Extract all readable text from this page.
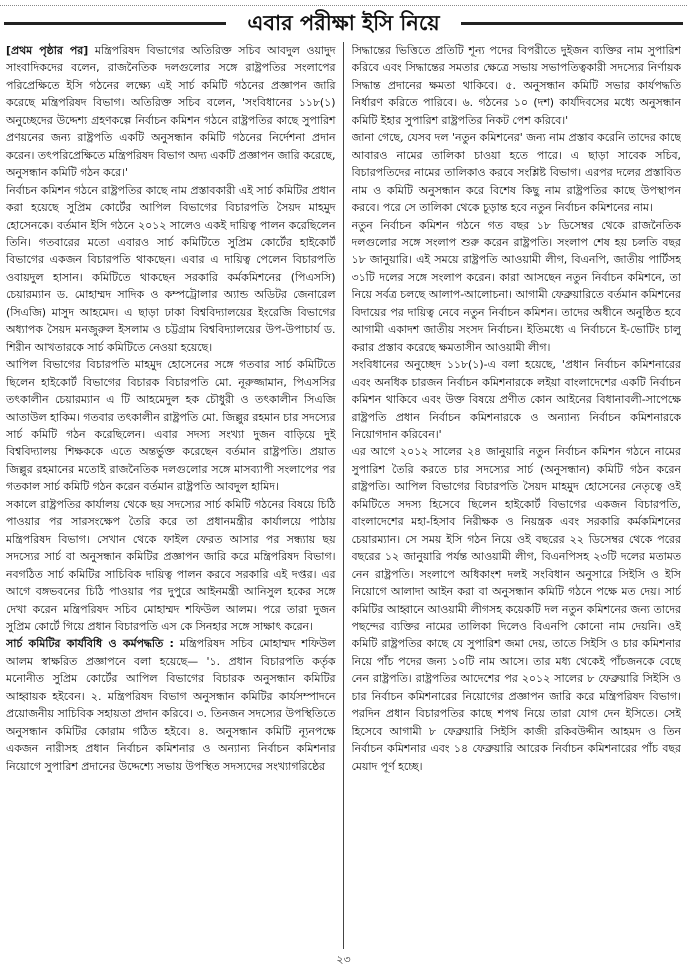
এবার পরীক্ষা ইসি নিয়ে

[প্রথম পৃষ্ঠার পর] মন্ত্রিপরিষদ বিভাগের অতিরিক্ত সচিব আবদুল ওয়াদুদ সাংবাদিকদের বলেন, রাজনৈতিক দলগুলোর সঙ্গে রাষ্ট্রপতির সংলাপের পরিপ্রেক্ষিতে ইসি গঠনের লক্ষ্যে এই সার্চ কমিটি গঠনের প্রজ্ঞাপন জারি করেছে মন্ত্রিপরিষদ বিভাগ। অতিরিক্ত সচিব বলেন, 'সংবিধানের ১১৮(১) অনুচ্ছেদের উদ্দেশ্য গ্রহণকল্পে নির্বাচন কমিশন গঠনে রাষ্ট্রপতির কাছে সুপারিশ প্রণয়নের জন্য রাষ্ট্রপতি একটি অনুসন্ধান কমিটি গঠনের নির্দেশনা প্রদান করেন। তৎপরিপ্রেক্ষিতে মন্ত্রিপরিষদ বিভাগ অদ্য একটি প্রজ্ঞাপন জারি করেছে, অনুসন্ধান কমিটি গঠন করে।'

নির্বাচন কমিশন গঠনে রাষ্ট্রপতির কাছে নাম প্রস্তাবকারী এই সার্চ কমিটির প্রধান করা হয়েছে সুপ্রিম কোর্টের আপিল বিভাগের বিচারপতি সৈয়দ মাহমুদ হোসেনকে। বর্তমান ইসি গঠনে ২০১২ সালেও একই দায়িত্ব পালন করেছিলেন তিনি। গতবারের মতো এবারও সার্চ কমিটিতে সুপ্রিম কোর্টের হাইকোর্ট বিভাগের একজন বিচারপতি থাকছেন। এবার এ দায়িত্ব পেলেন বিচারপতি ওবায়দুল হাসান। কমিটিতে থাকছেন সরকারি কর্মকমিশনের (পিএসসি) চেয়ারম্যান ড. মোহাম্মদ সাদিক ও কম্পট্রোলার অ্যান্ড অডিটর জেনারেল (সিএজি) মাসুদ আহমেদ। এ ছাড়া ঢাকা বিশ্ববিদ্যালয়ের ইংরেজি বিভাগের অধ্যাপক সৈয়দ মনজুরুল ইসলাম ও চট্টগ্রাম বিশ্ববিদ্যালয়ের উপ-উপাচার্য ড. শিরীন আখতারকে সার্চ কমিটিতে নেওয়া হয়েছে।

আপিল বিভাগের বিচারপতি মাহমুদ হোসেনের সঙ্গে গতবার সার্চ কমিটিতে ছিলেন হাইকোর্ট বিভাগের বিচারক বিচারপতি মো. নূরুজ্জামান, পিএসসির তৎকালীন চেয়ারম্যান এ টি আহমেদুল হক চৌধুরী ও তৎকালীন সিএজি আতাউল হাকিম। গতবার তৎকালীন রাষ্ট্রপতি মো. জিল্লুর রহমান চার সদস্যের সার্চ কমিটি গঠন করেছিলেন। এবার সদস্য সংখ্যা দুজন বাড়িয়ে দুই বিশ্ববিদ্যালয় শিক্ষককে এতে অন্তর্ভুক্ত করেছেন বর্তমান রাষ্ট্রপতি। প্রয়াত জিল্লুর রহমানের মতোই রাজনৈতিক দলগুলোর সঙ্গে মাসব্যাপী সংলাপের পর গতকাল সার্চ কমিটি গঠন করেন বর্তমান রাষ্ট্রপতি আবদুল হামিদ।

সকালে রাষ্ট্রপতির কার্যালয় থেকে ছয় সদস্যের সার্চ কমিটি গঠনের বিষয়ে চিঠি পাওয়ার পর সারসংক্ষেপ তৈরি করে তা প্রধানমন্ত্রীর কার্যালয়ে পাঠায় মন্ত্রিপরিষদ বিভাগ। সেখান থেকে ফাইল ফেরত আসার পর সন্ধ্যায় ছয় সদস্যের সার্চ বা অনুসন্ধান কমিটির প্রজ্ঞাপন জারি করে মন্ত্রিপরিষদ বিভাগ। নবগঠিত সার্চ কমিটির সাচিবিক দায়িত্ব পালন করবে সরকারি এই দপ্তর। এর আগে বঙ্গভবনের চিঠি পাওয়ার পর দুপুরে আইনমন্ত্রী আনিসুল হকের সঙ্গে দেখা করেন মন্ত্রিপরিষদ সচিব মোহাম্মদ শফিউল আলম। পরে তারা দুজন সুপ্রিম কোর্টে গিয়ে প্রধান বিচারপতি এস কে সিনহার সঙ্গে সাক্ষাৎ করেন।

সার্চ কমিটির কার্যবিধি ও কর্মপদ্ধতি : মন্ত্রিপরিষদ সচিব মোহাম্মদ শফিউল আলম স্বাক্ষরিত প্রজ্ঞাপনে বলা হয়েছে— '১. প্রধান বিচারপতি কর্তৃক মনোনীত সুপ্রিম কোর্টের আপিল বিভাগের বিচারক অনুসন্ধান কমিটির আহ্বায়ক হইবেন। ২. মন্ত্রিপরিষদ বিভাগ অনুসন্ধান কমিটির কার্যসম্পাদনে প্রয়োজনীয় সাচিবিক সহায়তা প্রদান করিবে। ৩. তিনজন সদস্যের উপস্থিতিতে অনুসন্ধান কমিটির কোরাম গঠিত হইবে। ৪. অনুসন্ধান কমিটি ন্যূনপক্ষে একজন নারীসহ প্রধান নির্বাচন কমিশনার ও অন্যান্য নির্বাচন কমিশনার নিয়োগে সুপারিশ প্রদানের উদ্দেশ্যে সভায় উপস্থিত সদস্যদের সংখ্যাগরিষ্ঠের

সিদ্ধান্তের ভিত্তিতে প্রতিটি শূন্য পদের বিপরীতে দুইজন ব্যক্তির নাম সুপারিশ করিবে এবং সিদ্ধান্তের সমতার ক্ষেত্রে সভায় সভাপতিত্বকারী সদস্যের নির্ণায়ক সিদ্ধান্ত প্রদানের ক্ষমতা থাকিবে। ৫. অনুসন্ধান কমিটি সভার কার্যপদ্ধতি নির্ধারণ করিতে পারিবে। ৬. গঠনের ১০ (দশ) কার্যদিবসের মধ্যে অনুসন্ধান কমিটি ইহার সুপারিশ রাষ্ট্রপতির নিকট পেশ করিবে।'

জানা গেছে, যেসব দল 'নতুন কমিশনের' জন্য নাম প্রস্তাব করেনি তাদের কাছে আবারও নামের তালিকা চাওয়া হতে পারে। এ ছাড়া সাবেক সচিব, বিচারপতিদের নামের তালিকাও করবে সংশ্লিষ্ট বিভাগ। এরপর দলের প্রস্তাবিত নাম ও কমিটি অনুসন্ধান করে বিশেষ কিছু নাম রাষ্ট্রপতির কাছে উপস্থাপন করবে। পরে সে তালিকা থেকে চূড়ান্ত হবে নতুন নির্বাচন কমিশনের নাম।

নতুন নির্বাচন কমিশন গঠনে গত বছর ১৮ ডিসেম্বর থেকে রাজনৈতিক দলগুলোর সঙ্গে সংলাপ শুরু করেন রাষ্ট্রপতি। সংলাপ শেষ হয় চলতি বছর ১৮ জানুয়ারি। এই সময়ে রাষ্ট্রপতি আওয়ামী লীগ, বিএনপি, জাতীয় পার্টিসহ ৩১টি দলের সঙ্গে সংলাপ করেন। কারা আসছেন নতুন নির্বাচন কমিশনে, তা নিয়ে সর্বত্র চলছে আলাপ-আলোচনা। আগামী ফেব্রুয়ারিতে বর্তমান কমিশনের বিদায়ের পর দায়িত্ব নেবে নতুন নির্বাচন কমিশন। তাদের অধীনে অনুষ্ঠিত হবে আগামী একাদশ জাতীয় সংসদ নির্বাচন। ইতিমধ্যে এ নির্বাচনে ই-ভোটিং চালু করার প্রস্তাব করেছে ক্ষমতাসীন আওয়ামী লীগ।

সংবিধানের অনুচ্ছেদ ১১৮(১)-এ বলা হয়েছে, 'প্রধান নির্বাচন কমিশনারের এবং অনধিক চারজন নির্বাচন কমিশনারকে লইয়া বাংলাদেশের একটি নির্বাচন কমিশন থাকিবে এবং উক্ত বিষয়ে প্রণীত কোন আইনের বিধানাবলী-সাপেক্ষে রাষ্ট্রপতি প্রধান নির্বাচন কমিশনারকে ও অন্যান্য নির্বাচন কমিশনারকে নিয়োগদান করিবেন।'

এর আগে ২০১২ সালের ২৪ জানুয়ারি নতুন নির্বাচন কমিশন গঠনে নামের সুপারিশ তৈরি করতে চার সদস্যের সার্চ (অনুসন্ধান) কমিটি গঠন করেন রাষ্ট্রপতি। আপিল বিভাগের বিচারপতি সৈয়দ মাহমুদ হোসেনের নেতৃত্বে ওই কমিটিতে সদস্য হিসেবে ছিলেন হাইকোর্ট বিভাগের একজন বিচারপতি, বাংলাদেশের মহা-হিসাব নিরীক্ষক ও নিয়ন্ত্রক এবং সরকারি কর্মকমিশনের চেয়ারম্যান। সে সময় ইসি গঠন নিয়ে ওই বছরের ২২ ডিসেম্বর থেকে পরের বছরের ১২ জানুয়ারি পর্যন্ত আওয়ামী লীগ, বিএনপিসহ ২৩টি দলের মতামত নেন রাষ্ট্রপতি। সংলাপে অধিকাংশ দলই সংবিধান অনুসারে সিইসি ও ইসি নিয়োগে আলাদা আইন করা বা অনুসন্ধান কমিটি গঠনে পক্ষে মত দেয়। সার্চ কমিটির আহ্বানে আওয়ামী লীগসহ কয়েকটি দল নতুন কমিশনের জন্য তাদের পছন্দের ব্যক্তির নামের তালিকা দিলেও বিএনপি কোনো নাম দেয়নি। ওই কমিটি রাষ্ট্রপতির কাছে যে সুপারিশ জমা দেয়, তাতে সিইসি ও চার কমিশনার নিয়ে পাঁচ পদের জন্য ১০টি নাম আসে। তার মধ্য থেকেই পাঁচজনকে বেছে নেন রাষ্ট্রপতি। রাষ্ট্রপতির আদেশের পর ২০১২ সালের ৮ ফেব্রুয়ারি সিইসি ও চার নির্বাচন কমিশনারের নিয়োগের প্রজ্ঞাপন জারি করে মন্ত্রিপরিষদ বিভাগ। পরদিন প্রধান বিচারপতির কাছে শপথ নিয়ে তারা যোগ দেন ইসিতে। সেই হিসেবে আগামী ৮ ফেব্রুয়ারি সিইসি কাজী রকিবউদ্দীন আহমদ ও তিন নির্বাচন কমিশনার এবং ১৪ ফেব্রুয়ারি আরেক নির্বাচন কমিশনারের পাঁচ বছর মেয়াদ পূর্ণ হচ্ছে।

২৩
